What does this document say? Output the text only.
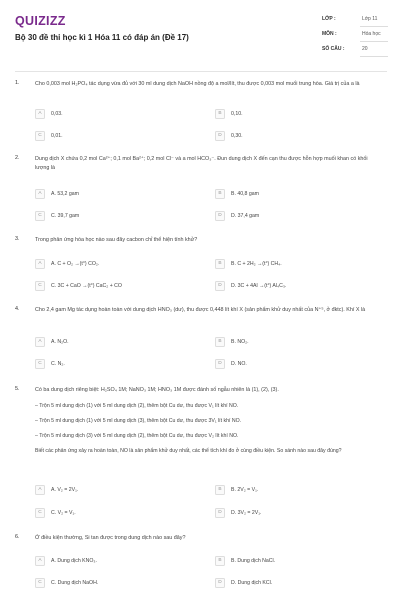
QUIZIZZ
Bộ 30 đề thi học kì 1 Hóa 11 có đáp án (Đề 17)
LỚP :	Lớp 11
MÔN :	Hóa học
SỐ CÂU :	20
1.	Cho 0,003 mol H₂PO₄ tác dụng vừa đủ với 30 ml dung dịch NaOH nồng độ a mol/lít, thu được 0,003 mol muối trung hòa. Giá trị của a là
A	0,03.	B	0,10.
C	0,01.	D	0,30.
2.	Dung dịch X chứa 0,2 mol Ca²⁺; 0,1 mol Ba²⁺; 0,2 mol Cl⁻ và a mol HCO₃⁻. Đun dung dịch X đến cạn thu được hỗn hợp muối khan có khối lượng là
A	A. 53,2 gam	B	B. 40,8 gam
C	C. 39,7 gam	D	D. 37,4 gam
3.	Trong phản ứng hóa học nào sau đây cacbon chỉ thể hiện tính khử?
A	A. C + O₂ →(t°) CO₂.	B	B. C + 2H₂ →(t°) CH₄.
C	C. 3C + CaO →(t°) CaC₂ + CO	D	D. 3C + 4Al →(t°) Al₄C₃.
4.	Cho 2,4 gam Mg tác dụng hoàn toàn với dung dịch HNO₃ (dư), thu được 0,448 lít khí X (sản phẩm khử duy nhất của N⁺⁵, ở đktc). Khí X là
A	A. N₂O.	B	B. NO₂.
C	C. N₂.	D	D. NO.
5.	Có ba dung dịch riêng biệt: H₂SO₄ 1M; NaNO₃ 1M; HNO₃ 1M được đánh số ngẫu nhiên là (1), (2), (3).
– Trộn 5 ml dung dịch (1) với 5 ml dung dịch (2), thêm bột Cu dư, thu được V₁ lít khí NO.
– Trộn 5 ml dung dịch (1) với 5 ml dung dịch (3), thêm bột Cu dư, thu được 3V₁ lít khí NO.
– Trộn 5 ml dung dịch (3) với 5 ml dung dịch (2), thêm bột Cu dư, thu được V₂ lít khí NO.
Biết các phản ứng xảy ra hoàn toàn, NO là sản phẩm khử duy nhất, các thể tích khí đo ở cùng điều kiện. So sánh nào sau đây đúng?
A	A. V₂ = 2V₁.	B	B. 2V₂ = V₁.
C	C. V₂ = V₁.	D	D. 3V₂ = 2V₁.
6.	Ở điều kiện thường, Si tan được trong dung dịch nào sau đây?
A	A. Dung dịch KNO₃.	B	B. Dung dịch NaCl.
C	C. Dung dịch NaOH.	D	D. Dung dịch KCl.
